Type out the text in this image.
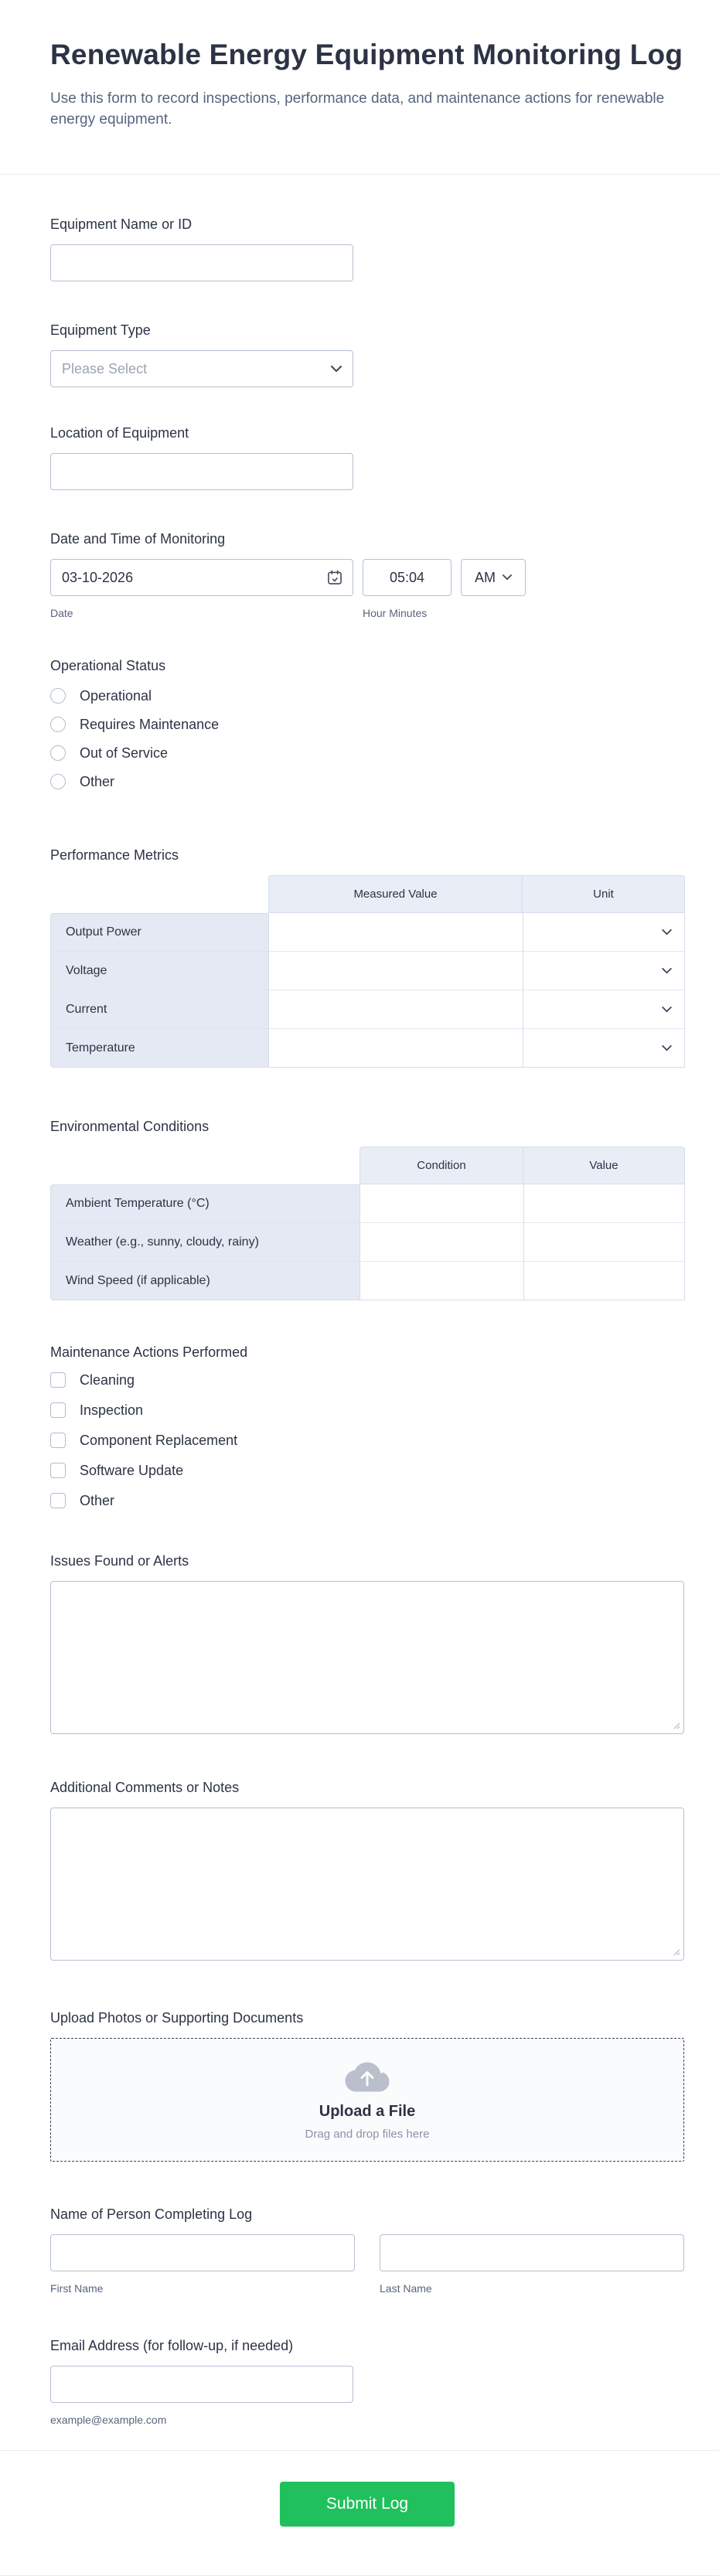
Renewable Energy Equipment Monitoring Log

Use this form to record inspections, performance data, and maintenance actions for renewable energy equipment.

Equipment Name or ID
Equipment Type
Please Select
Location of Equipment
Date and Time of Monitoring
03-10-2026
Date
05:04
AM
Hour Minutes
Operational Status
Operational
Requires Maintenance
Out of Service
Other
Performance Metrics
Measured Value	Unit
Output Power
Voltage
Current
Temperature
Environmental Conditions
Condition	Value
Ambient Temperature (°C)
Weather (e.g., sunny, cloudy, rainy)
Wind Speed (if applicable)
Maintenance Actions Performed
Cleaning
Inspection
Component Replacement
Software Update
Other
Issues Found or Alerts
Additional Comments or Notes
Upload Photos or Supporting Documents
Upload a File
Drag and drop files here
Name of Person Completing Log
First Name	Last Name
Email Address (for follow-up, if needed)
example@example.com
Submit Log
